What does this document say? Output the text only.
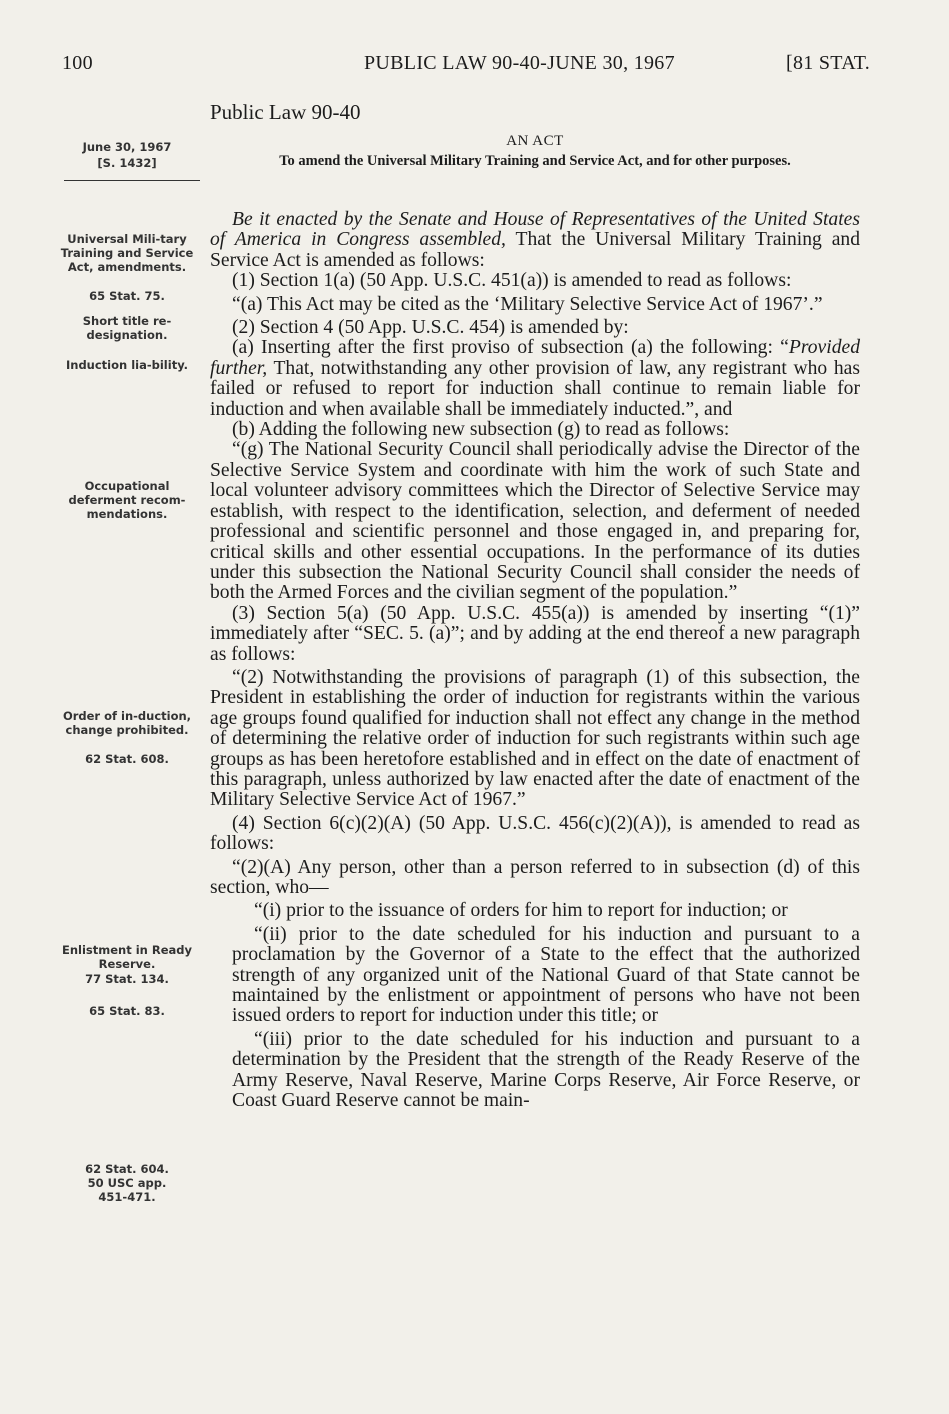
100	PUBLIC LAW 90-40-JUNE 30, 1967	[81 STAT.
Public Law 90-40
June 30, 1967
[S. 1432]
Universal Mili-tary Training and Service Act, amendments.
65 Stat. 75.
Short title re-designation.
Induction lia-bility.
Occupational deferment recom-mendations.
Order of in-duction, change prohibited.
62 Stat. 608.
Enlistment in Ready Reserve.
77 Stat. 134.
65 Stat. 83.
62 Stat. 604.
50 USC app.
451-471.
AN ACT
To amend the Universal Military Training and Service Act, and for other purposes.

Be it enacted by the Senate and House of Representatives of the United States of America in Congress assembled, That the Universal Military Training and Service Act is amended as follows:

(1) Section 1(a) (50 App. U.S.C. 451(a)) is amended to read as follows:

“(a) This Act may be cited as the ‘Military Selective Service Act of 1967’.”

(2) Section 4 (50 App. U.S.C. 454) is amended by:

(a) Inserting after the first proviso of subsection (a) the following: “Provided further, That, notwithstanding any other provision of law, any registrant who has failed or refused to report for induction shall continue to remain liable for induction and when available shall be immediately inducted.”, and

(b) Adding the following new subsection (g) to read as follows:

“(g) The National Security Council shall periodically advise the Director of the Selective Service System and coordinate with him the work of such State and local volunteer advisory committees which the Director of Selective Service may establish, with respect to the identification, selection, and deferment of needed professional and scientific personnel and those engaged in, and preparing for, critical skills and other essential occupations. In the performance of its duties under this subsection the National Security Council shall consider the needs of both the Armed Forces and the civilian segment of the population.”

(3) Section 5(a) (50 App. U.S.C. 455(a)) is amended by inserting “(1)” immediately after “SEC. 5. (a)”; and by adding at the end thereof a new paragraph as follows:

“(2) Notwithstanding the provisions of paragraph (1) of this subsection, the President in establishing the order of induction for registrants within the various age groups found qualified for induction shall not effect any change in the method of determining the relative order of induction for such registrants within such age groups as has been heretofore established and in effect on the date of enactment of this paragraph, unless authorized by law enacted after the date of enactment of the Military Selective Service Act of 1967.”

(4) Section 6(c)(2)(A) (50 App. U.S.C. 456(c)(2)(A)), is amended to read as follows:

“(2)(A) Any person, other than a person referred to in subsection (d) of this section, who—

“(i) prior to the issuance of orders for him to report for induction; or

“(ii) prior to the date scheduled for his induction and pursuant to a proclamation by the Governor of a State to the effect that the authorized strength of any organized unit of the National Guard of that State cannot be maintained by the enlistment or appointment of persons who have not been issued orders to report for induction under this title; or

“(iii) prior to the date scheduled for his induction and pursuant to a determination by the President that the strength of the Ready Reserve of the Army Reserve, Naval Reserve, Marine Corps Reserve, Air Force Reserve, or Coast Guard Reserve cannot be main-
